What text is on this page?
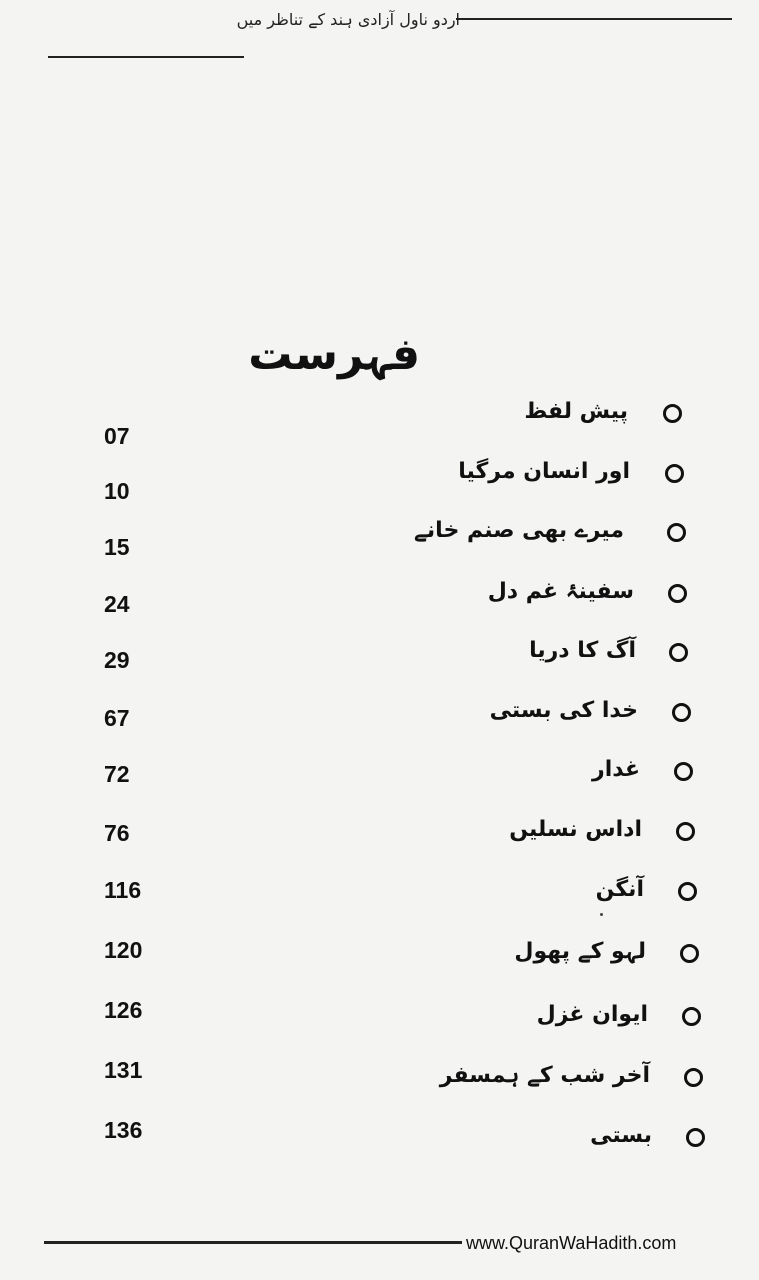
اردو ناول آزادی ہند کے تناظر میں
فہرست
پیش لفظ
07
اور انسان مرگیا
10
میرے بھی صنم خانے
15
سفینۂ غم دل
24
آگ کا دریا
29
خدا کی بستی
67
غدار
72
اداس نسلیں
76
آنگن
116
لہو کے پھول
120
ایوان غزل
126
آخر شب کے ہمسفر
131
بستی
136
www.QuranWaHadith.com
